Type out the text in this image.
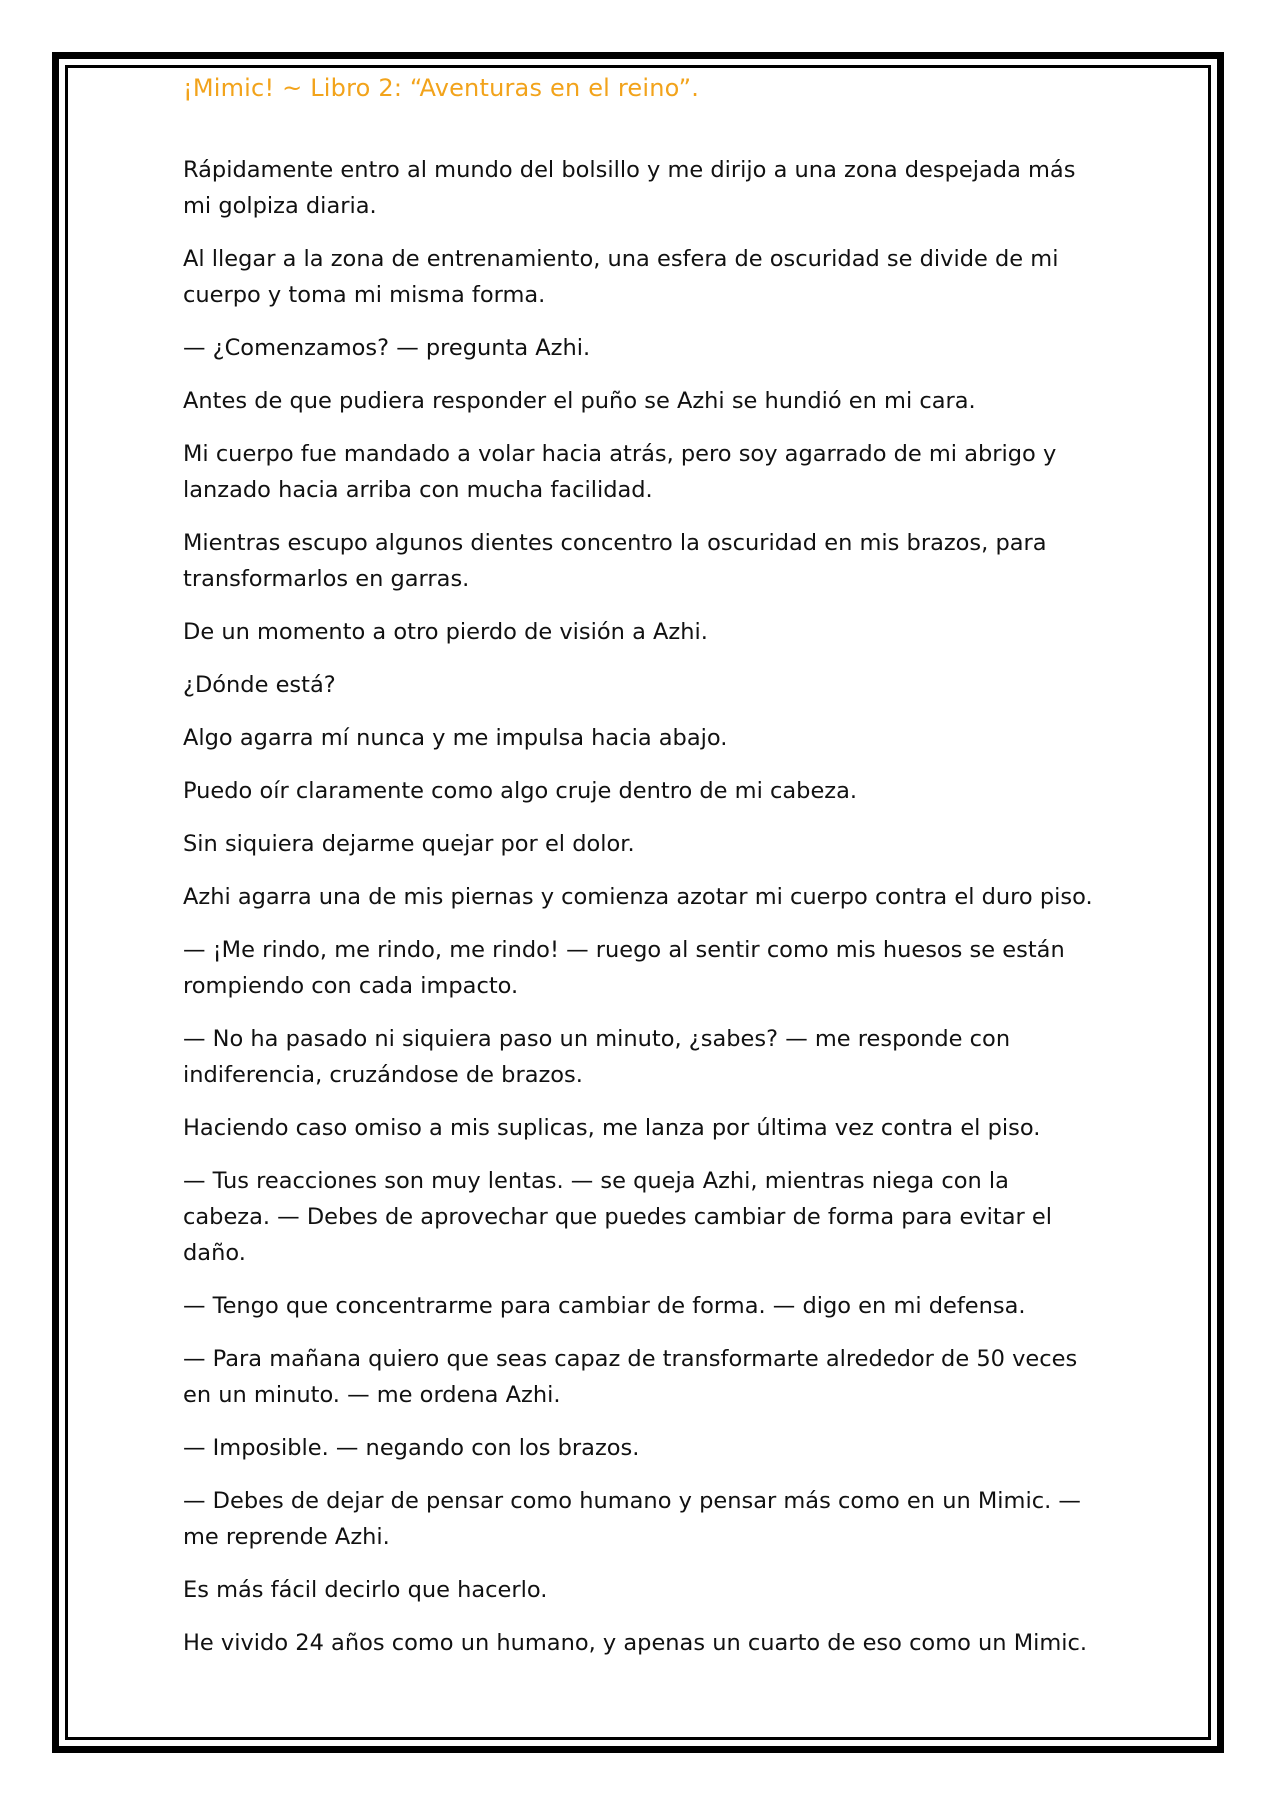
¡Mimic! ~ Libro 2: “Aventuras en el reino”.

Rápidamente entro al mundo del bolsillo y me dirijo a una zona despejada más mi golpiza diaria.

Al llegar a la zona de entrenamiento, una esfera de oscuridad se divide de mi cuerpo y toma mi misma forma.

— ¿Comenzamos? — pregunta Azhi.

Antes de que pudiera responder el puño se Azhi se hundió en mi cara.

Mi cuerpo fue mandado a volar hacia atrás, pero soy agarrado de mi abrigo y lanzado hacia arriba con mucha facilidad.

Mientras escupo algunos dientes concentro la oscuridad en mis brazos, para transformarlos en garras.

De un momento a otro pierdo de visión a Azhi.

¿Dónde está?

Algo agarra mí nunca y me impulsa hacia abajo.

Puedo oír claramente como algo cruje dentro de mi cabeza.

Sin siquiera dejarme quejar por el dolor.

Azhi agarra una de mis piernas y comienza azotar mi cuerpo contra el duro piso.

— ¡Me rindo, me rindo, me rindo! — ruego al sentir como mis huesos se están rompiendo con cada impacto.

— No ha pasado ni siquiera paso un minuto, ¿sabes? — me responde con indiferencia, cruzándose de brazos.

Haciendo caso omiso a mis suplicas, me lanza por última vez contra el piso.

— Tus reacciones son muy lentas. — se queja Azhi, mientras niega con la cabeza. — Debes de aprovechar que puedes cambiar de forma para evitar el daño.

— Tengo que concentrarme para cambiar de forma. — digo en mi defensa.

— Para mañana quiero que seas capaz de transformarte alrededor de 50 veces en un minuto. — me ordena Azhi.

— Imposible. — negando con los brazos.

— Debes de dejar de pensar como humano y pensar más como en un Mimic. — me reprende Azhi.

Es más fácil decirlo que hacerlo.

He vivido 24 años como un humano, y apenas un cuarto de eso como un Mimic.
